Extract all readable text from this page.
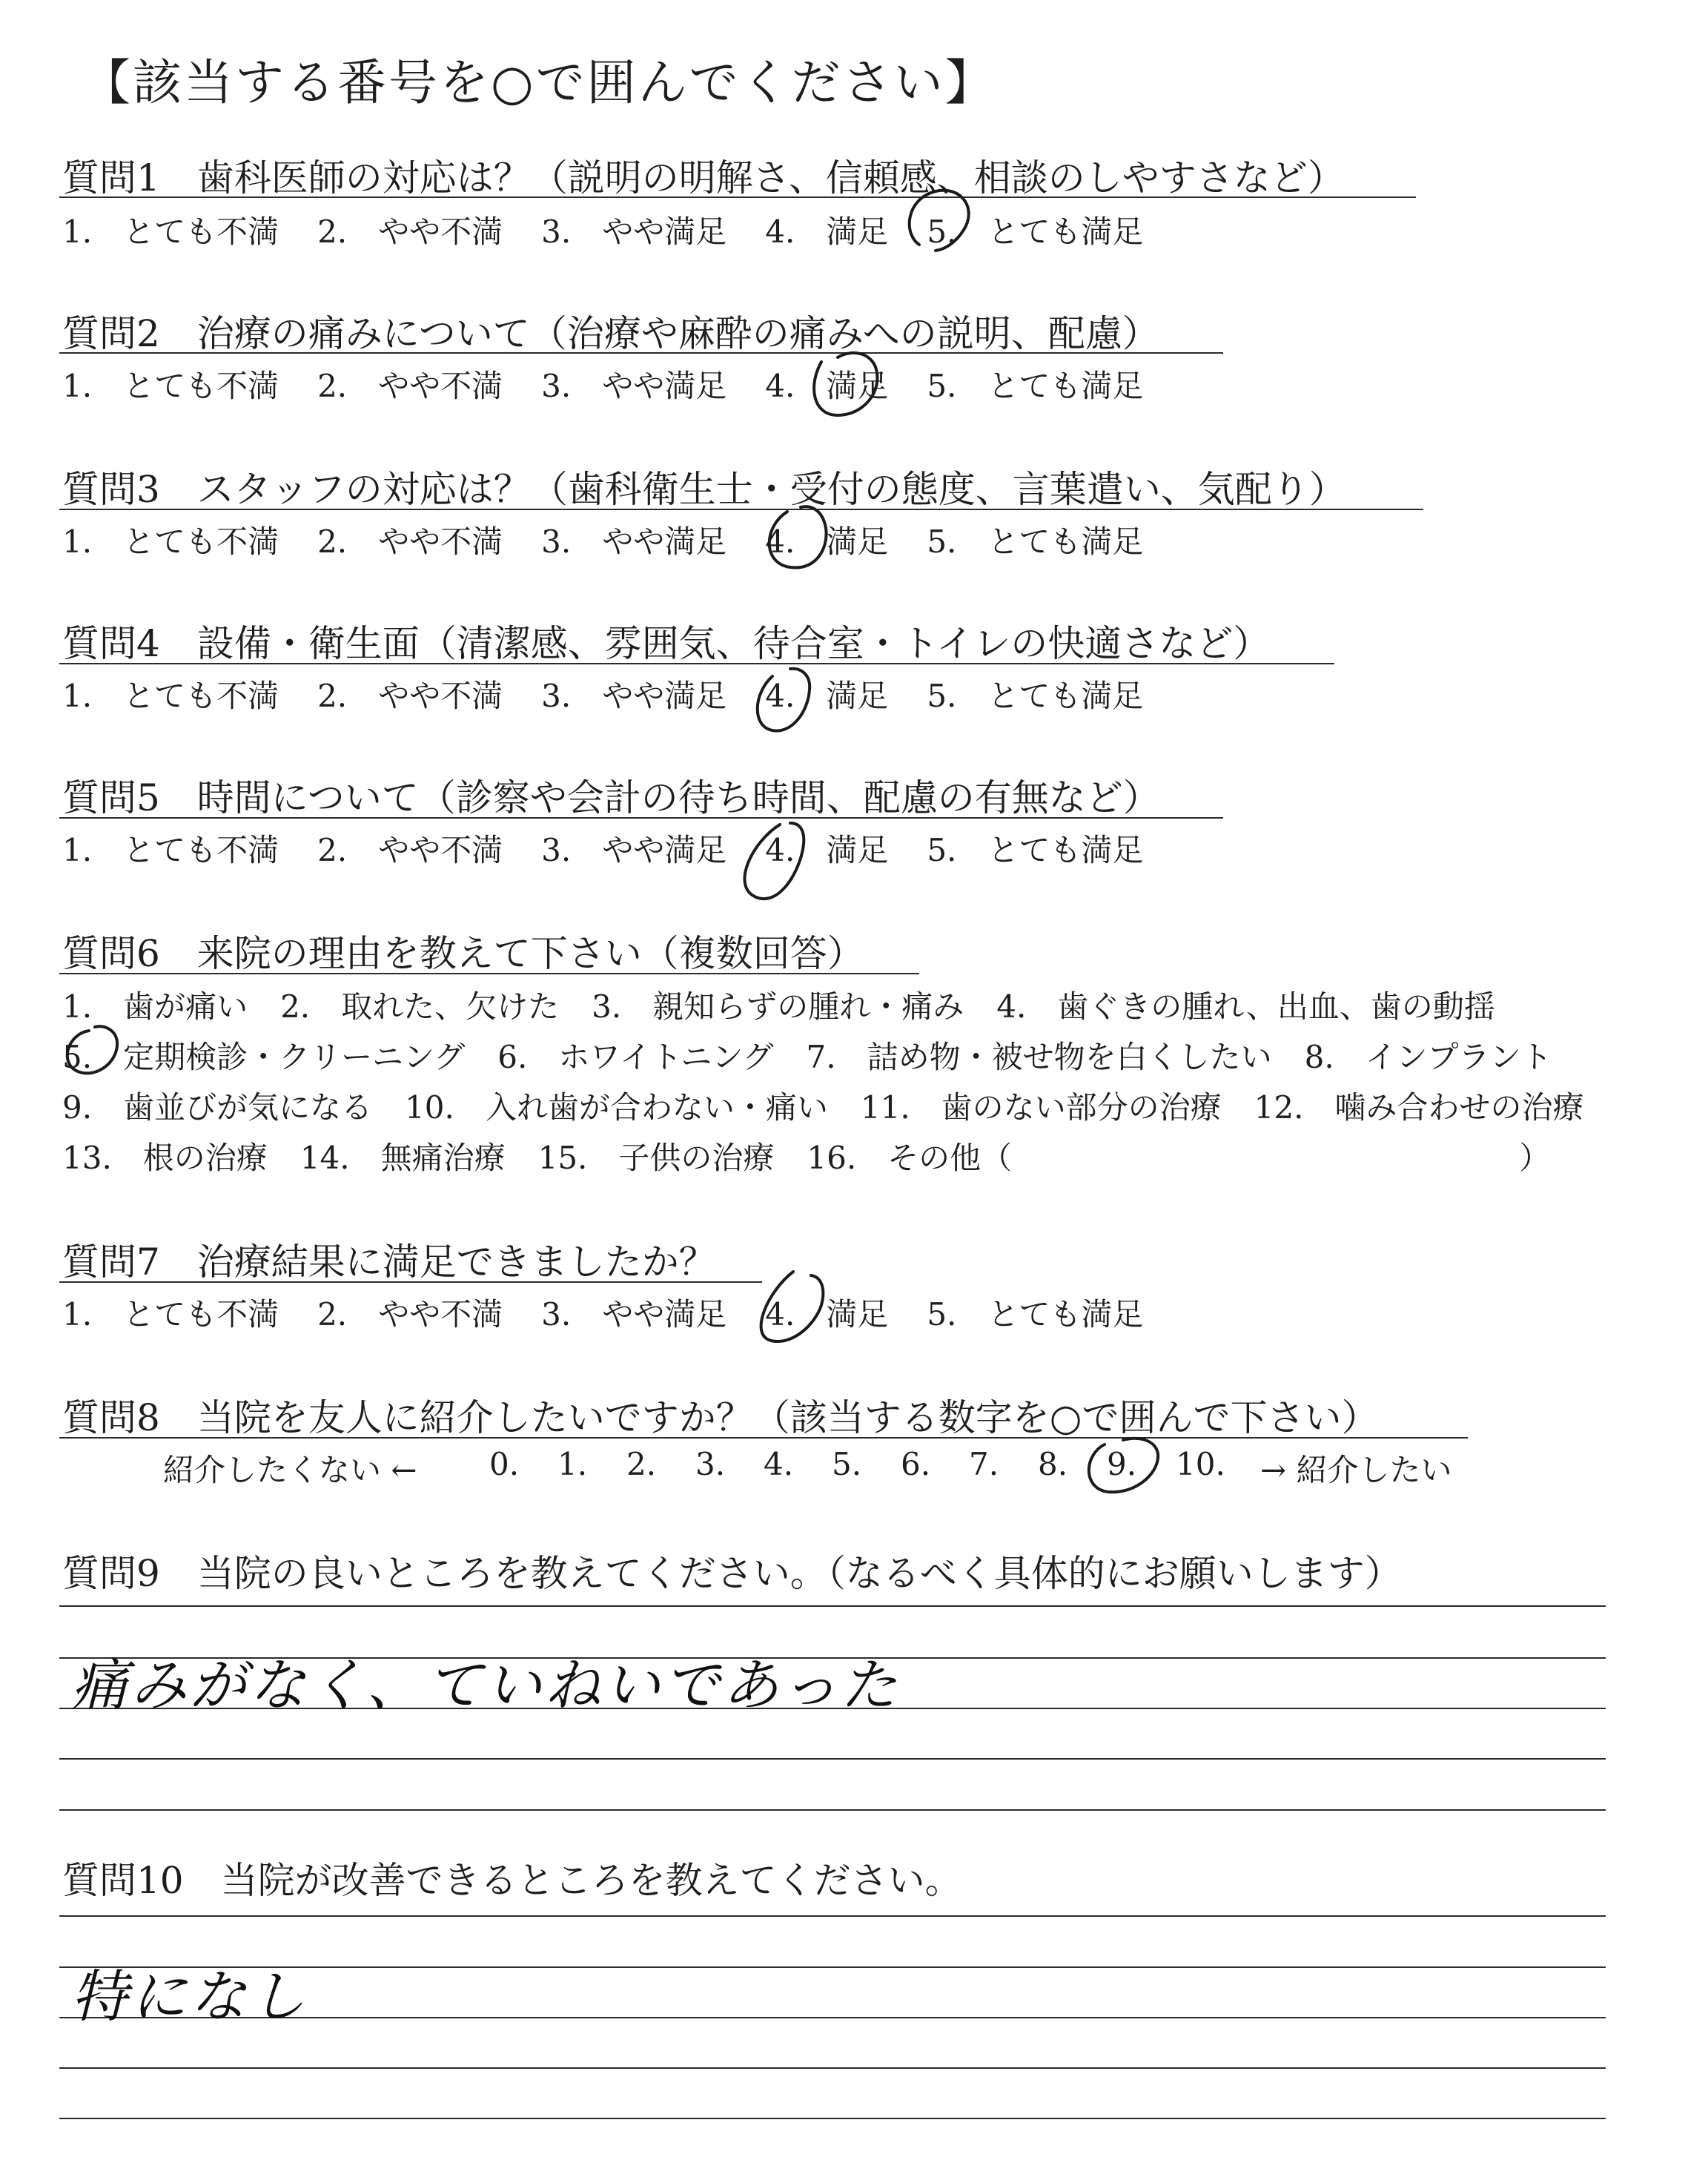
【該当する番号を○で囲んでください】
質問1　歯科医師の対応は？（説明の明解さ、信頼感、相談のしやすさなど）
1.　とても不満 2.　やや不満 3.　やや満足 4.　満足 5.　とても満足
質問2　治療の痛みについて（治療や麻酔の痛みへの説明、配慮）
1.　とても不満 2.　やや不満 3.　やや満足 4.　満足 5.　とても満足
質問3　スタッフの対応は？（歯科衛生士・受付の態度、言葉遣い、気配り）
1.　とても不満 2.　やや不満 3.　やや満足 4.　満足 5.　とても満足
質問4　設備・衛生面（清潔感、雰囲気、待合室・トイレの快適さなど）
1.　とても不満 2.　やや不満 3.　やや満足 4.　満足 5.　とても満足
質問5　時間について（診察や会計の待ち時間、配慮の有無など）
1.　とても不満 2.　やや不満 3.　やや満足 4.　満足 5.　とても満足
質問6　来院の理由を教えて下さい（複数回答）
1.　歯が痛い 2.　取れた、欠けた 3.　親知らずの腫れ・痛み 4.　歯ぐきの腫れ、出血、歯の動揺
5.　定期検診・クリーニング 6.　ホワイトニング 7.　詰め物・被せ物を白くしたい 8.　インプラント
9.　歯並びが気になる 10.　入れ歯が合わない・痛い 11.　歯のない部分の治療 12.　噛み合わせの治療
13.　根の治療 14.　無痛治療 15.　子供の治療 16.　その他（	）
質問7　治療結果に満足できましたか？
1.　とても不満 2.　やや不満 3.　やや満足 4.　満足 5.　とても満足
質問8　当院を友人に紹介したいですか？（該当する数字を○で囲んで下さい）
紹介したくない ← 0. 1. 2. 3. 4. 5. 6. 7. 8. 9. 10. → 紹介したい
質問9　当院の良いところを教えてください。（なるべく具体的にお願いします）
痛みがなく、ていねいであった
質問10　当院が改善できるところを教えてください。
特になし
